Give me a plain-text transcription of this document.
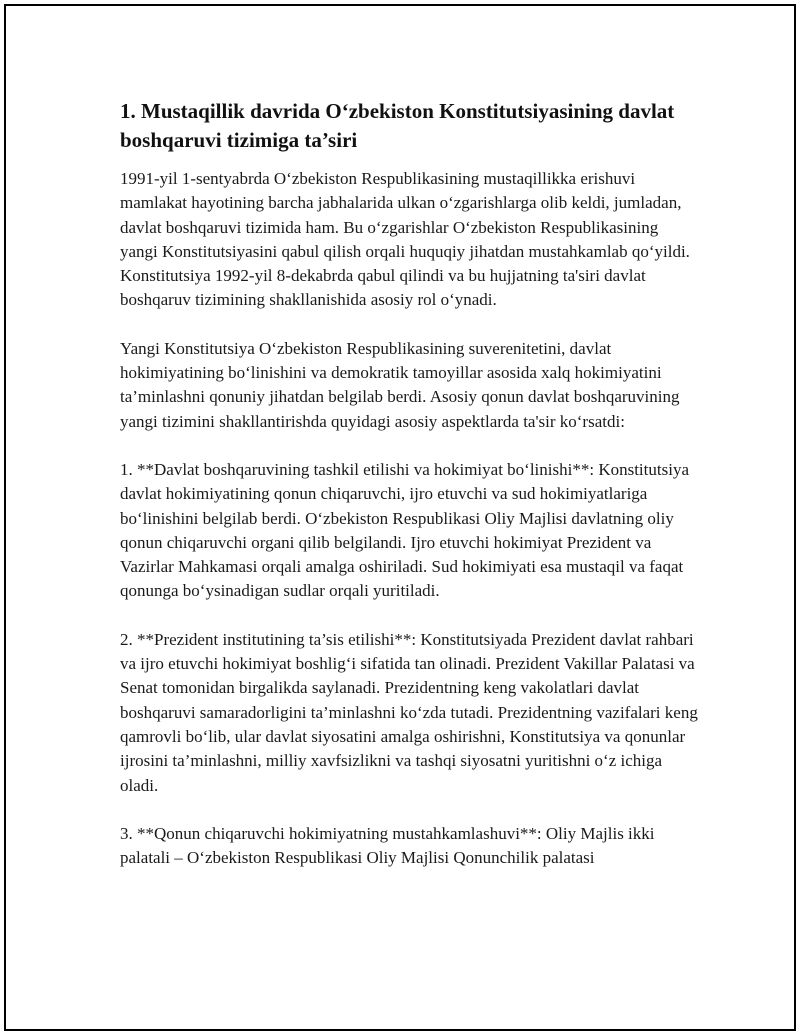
1. Mustaqillik davrida O‘zbekiston Konstitutsiyasining davlat boshqaruvi tizimiga ta’siri

1991-yil 1-sentyabrda O‘zbekiston Respublikasining mustaqillikka erishuvi mamlakat hayotining barcha jabhalarida ulkan o‘zgarishlarga olib keldi, jumladan, davlat boshqaruvi tizimida ham. Bu o‘zgarishlar O‘zbekiston Respublikasining yangi Konstitutsiyasini qabul qilish orqali huquqiy jihatdan mustahkamlab qo‘yildi. Konstitutsiya 1992-yil 8-dekabrda qabul qilindi va bu hujjatning ta'siri davlat boshqaruv tizimining shakllanishida asosiy rol o‘ynadi.

Yangi Konstitutsiya O‘zbekiston Respublikasining suverenitetini, davlat hokimiyatining bo‘linishini va demokratik tamoyillar asosida xalq hokimiyatini ta’minlashni qonuniy jihatdan belgilab berdi. Asosiy qonun davlat boshqaruvining yangi tizimini shakllantirishda quyidagi asosiy aspektlarda ta'sir ko‘rsatdi:

1. **Davlat boshqaruvining tashkil etilishi va hokimiyat bo‘linishi**: Konstitutsiya davlat hokimiyatining qonun chiqaruvchi, ijro etuvchi va sud hokimiyatlariga bo‘linishini belgilab berdi. O‘zbekiston Respublikasi Oliy Majlisi davlatning oliy qonun chiqaruvchi organi qilib belgilandi. Ijro etuvchi hokimiyat Prezident va Vazirlar Mahkamasi orqali amalga oshiriladi. Sud hokimiyati esa mustaqil va faqat qonunga bo‘ysinadigan sudlar orqali yuritiladi.

2. **Prezident institutining ta’sis etilishi**: Konstitutsiyada Prezident davlat rahbari va ijro etuvchi hokimiyat boshlig‘i sifatida tan olinadi. Prezident Vakillar Palatasi va Senat tomonidan birgalikda saylanadi. Prezidentning keng vakolatlari davlat boshqaruvi samaradorligini ta’minlashni ko‘zda tutadi. Prezidentning vazifalari keng qamrovli bo‘lib, ular davlat siyosatini amalga oshirishni, Konstitutsiya va qonunlar ijrosini ta’minlashni, milliy xavfsizlikni va tashqi siyosatni yuritishni o‘z ichiga oladi.

3. **Qonun chiqaruvchi hokimiyatning mustahkamlashuvi**: Oliy Majlis ikki palatali – O‘zbekiston Respublikasi Oliy Majlisi Qonunchilik palatasi
